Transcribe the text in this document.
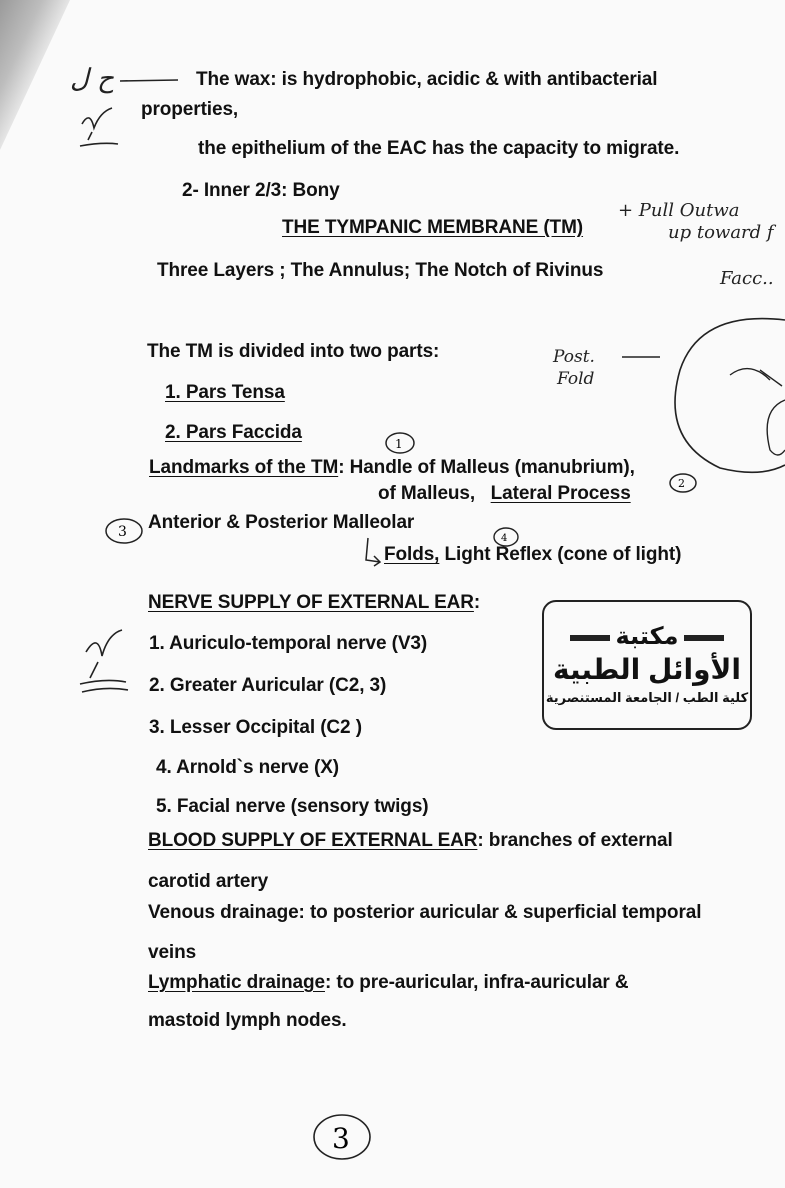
ح ل	The wax: is hydrophobic, acidic & with antibacterial
properties,
the epithelium of the EAC has the capacity to migrate.
2- Inner 2/3: Bony
THE TYMPANIC MEMBRANE (TM)
+ Pull Outwa
up toward f
Three Layers ; The Annulus; The Notch of Rivinus	Facc..
The TM is divided into two parts:	Post.
Fold
1. Pars Tensa
2. Pars Faccida
1
Landmarks of the TM: Handle of Malleus (manubrium),
of Malleus, Lateral Process	2
3 Anterior & Posterior Malleolar
4
Folds, Light Reflex (cone of light)
NERVE SUPPLY OF EXTERNAL EAR:
مكتبة
الأوائل الطبية
كلية الطب / الجامعة المستنصرية
1. Auriculo-temporal nerve (V3)
2. Greater Auricular (C2, 3)
3. Lesser Occipital (C2 )
4. Arnold`s nerve (X)
5. Facial nerve (sensory twigs)
BLOOD SUPPLY OF EXTERNAL EAR: branches of external
carotid artery
Venous drainage: to posterior auricular & superficial temporal
veins
Lymphatic drainage: to pre-auricular, infra-auricular &
mastoid lymph nodes.
3
